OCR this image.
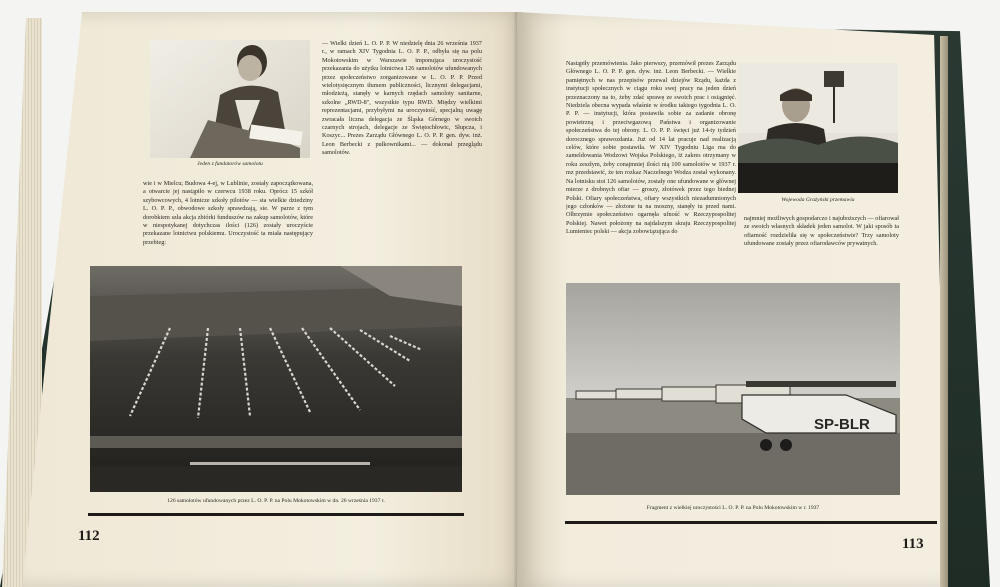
Jeden z fundatorów samolotu
wie i w Mielcu; Budowa 4-ej, w Lublinie, zostały zapoczątkowana, a otwarcie jej nastąpiło w czerwcu 1938 roku. Oprócz 15 szkół szybowcowych, 4 lotnicze szkoły pilotów — sta wielkie dziedziny L. O. P. P., obwodowe szkoły sprawdzają, sie. W parze z tym dorobkiem szła akcja zbiórki funduszów na zakup samolotów, które w niespotykanej dotychczas ilości (126) zostały uroczyście przekazane lotnictwu polskiemu. Uroczystość ta miała następujący przebieg:
— Wielki dzień L. O. P. P. W niedzielę dnia 26 września 1937 r., w ramach XIV Tygodnia L. O. P. P., odbyła się na polu Mokotowskim w Warszawie imponująca uroczystość przekazania do użytku lotnictwa 126 samolotów ufundowanych przez społeczeństwo zorganizowane w L. O. P. P. Przed wielotysięcznym tłumem publiczności, licznymi delegacjami, młodzieżą, stanęły w karnych rzędach samoloty sanitarne, szkolne „RWD-8", wszystkie typu RWD. Między wielkimi reprezentacjami, przybyłymi na uroczystość, specjalną uwagę zwracała liczna delegacja ze Śląska Górnego w swoich czarnych strojach, delegacje ze Świętochłowic, Słupcza, i Koszyc... Prezes Zarządu Głównego L. O. P. P. gen. dyw. inż. Leon Berbecki z pułkownikami... — dokonał przeglądu samolotów.
126 samolotów ufundowanych przez L. O. P. P. na Polu Mokotowskim w dn. 26 września 1937 r.
112
Nastąpiły przemówienia. Jako pierwszy, przemówił prezes Zarządu Głównego L. O. P. P. gen. dyw. inż. Leon Berbecki. — Wielkie pamiętnych w nas przepisów przewal dziejów Rządu, każda z instytucji społecznych w ciągu roku swej pracy na jeden dzień przeznaczony na to, żeby zdać sprawę ze swoich prac i osiągnięć. Niedziela obecna wypada właśnie w środku takiego tygodnia L. O. P. P. — instytucji, która postawiła sobie za zadanie obronę powietrzną i przeciwgazową Państwa i organizowanie społeczeństwa do tej obrony. L. O. P. P. święci już 14-ty tydzień dorocznego sprawozdania. Już od 14 lat pracuje nad realizacją celów, które sobie postawiła. W XIV Tygodniu Liga ma do zameldowania Wodzowi Wojska Polskiego, iż zakres otrzymany w roku zeszłym, żeby conajmniej ilości nią 100 samolotów w 1937 r. mz przedstawić, że ten rozkaz Naczelnego Wodza został wykonany. Na lotnisku stoi 126 samolotów, zostały one ufundowane w głównej mierze z drobnych ofiar — groszy, złotówek przez tego biednej Polski. Ofiary społeczeństwa, ofiary wszystkich niezadumnionych jego członków — złożone tu na moszny, stanęły tu przed nami. Olbrzymie społeczeństwo ogarnęła ufność w Rzeczypospolitej Polskiej. Nawet położony na najdalszym skraju Rzeczypospolitej Lumieniec polski — akcja zobowiązująca do
Wojewoda Grażyński przemawia
najmniej możliwych gospodarczo i najuboższych — ofiarował ze swoich własnych składek jeden samolot. W jaki sposób ta ofiarność rozdzieliła się w społeczeństwie? Trzy samoloty ufundowane zostały przez ofiarodawców prywatnych.
SP-BLR
Fragment z wielkiej uroczystości L. O. P. P. na Polu Mokotowskim w r. 1937
113
